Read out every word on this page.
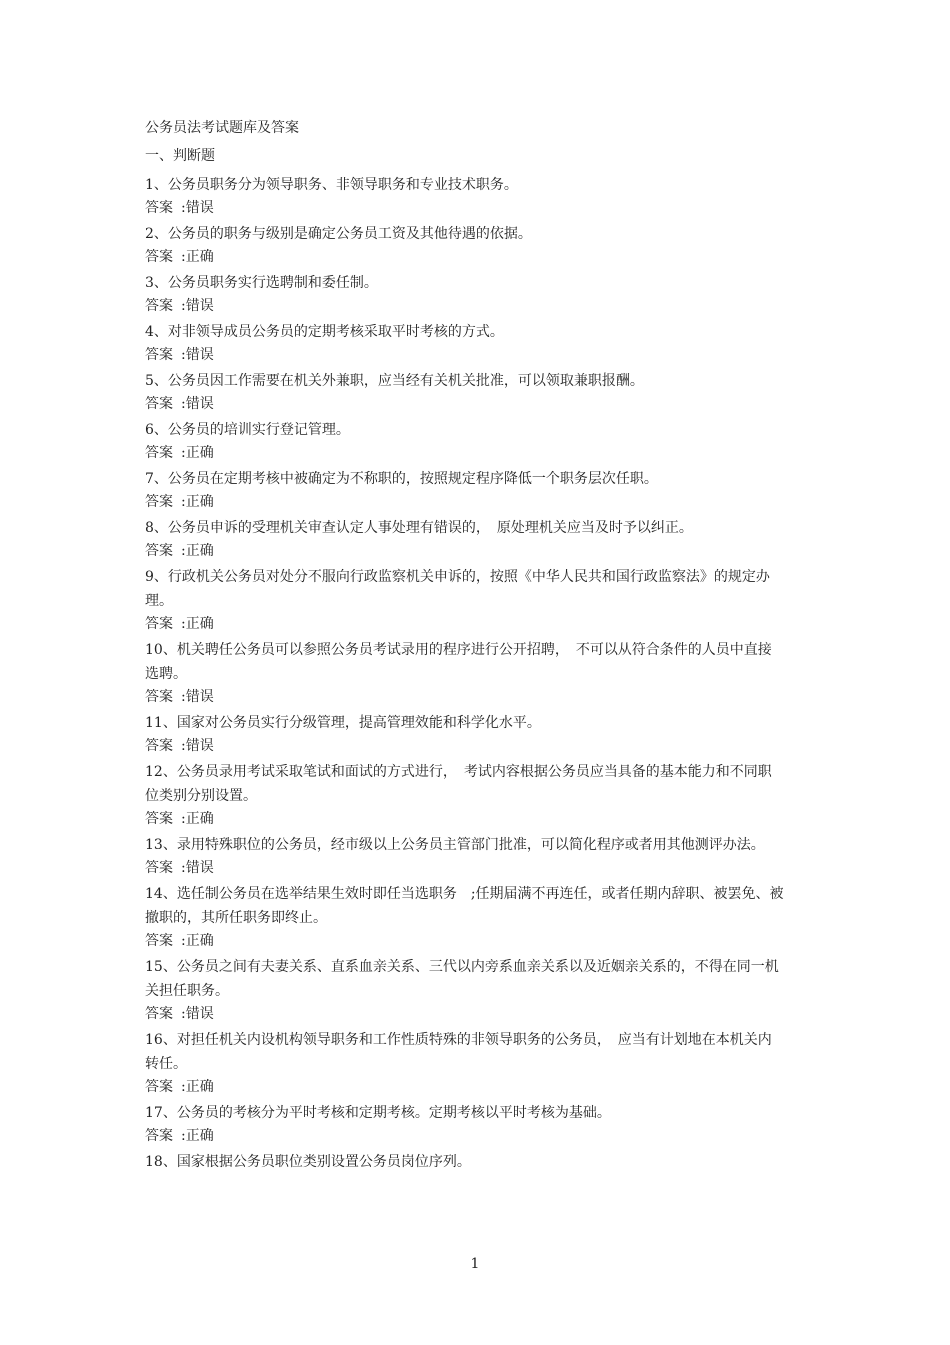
公务员法考试题库及答案

一、判断题

1、公务员职务分为领导职务、非领导职务和专业技术职务。

答案 :错误

2、公务员的职务与级别是确定公务员工资及其他待遇的依据。

答案 :正确

3、公务员职务实行选聘制和委任制。

答案 :错误

4、对非领导成员公务员的定期考核采取平时考核的方式。

答案 :错误

5、公务员因工作需要在机关外兼职，应当经有关机关批准，可以领取兼职报酬。

答案 :错误

6、公务员的培训实行登记管理。

答案 :正确

7、公务员在定期考核中被确定为不称职的，按照规定程序降低一个职务层次任职。

答案 :正确

8、公务员申诉的受理机关审查认定人事处理有错误的，　原处理机关应当及时予以纠正。

答案 :正确

9、行政机关公务员对处分不服向行政监察机关申诉的，按照《中华人民共和国行政监察法》的规定办理。

答案 :正确

10、机关聘任公务员可以参照公务员考试录用的程序进行公开招聘，　不可以从符合条件的人员中直接选聘。

答案 :错误

11、国家对公务员实行分级管理，提高管理效能和科学化水平。

答案 :错误

12、公务员录用考试采取笔试和面试的方式进行，　考试内容根据公务员应当具备的基本能力和不同职位类别分别设置。

答案 :正确

13、录用特殊职位的公务员，经市级以上公务员主管部门批准，可以简化程序或者用其他测评办法。

答案 :错误

14、选任制公务员在选举结果生效时即任当选职务　;任期届满不再连任，或者任期内辞职、被罢免、被撤职的，其所任职务即终止。

答案 :正确

15、公务员之间有夫妻关系、直系血亲关系、三代以内旁系血亲关系以及近姻亲关系的，不得在同一机关担任职务。

答案 :错误

16、对担任机关内设机构领导职务和工作性质特殊的非领导职务的公务员，　应当有计划地在本机关内转任。

答案 :正确

17、公务员的考核分为平时考核和定期考核。定期考核以平时考核为基础。

答案 :正确

18、国家根据公务员职位类别设置公务员岗位序列。

1
